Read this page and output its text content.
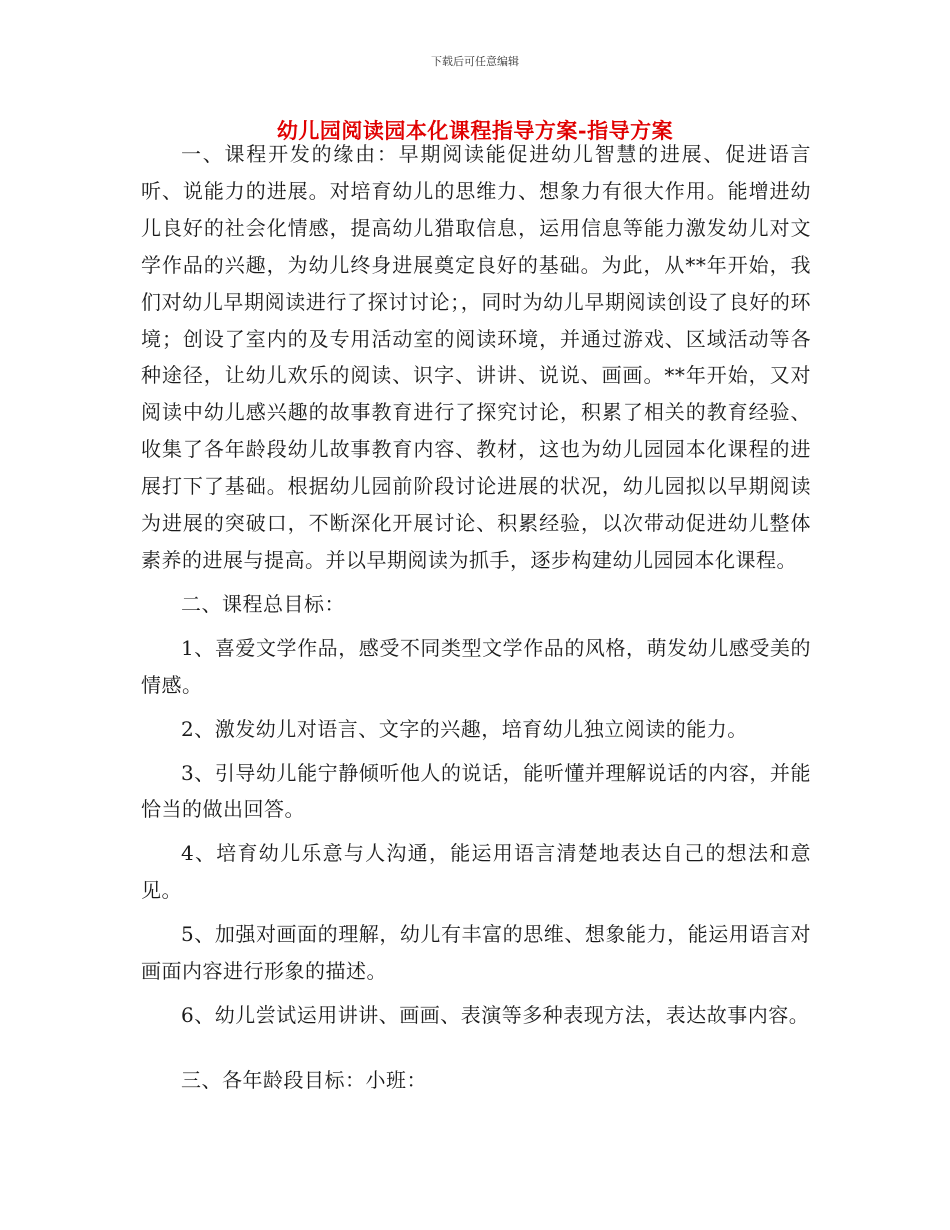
下载后可任意编辑
幼儿园阅读园本化课程指导方案-指导方案

一、课程开发的缘由：早期阅读能促进幼儿智慧的进展、促进语言听、说能力的进展。对培育幼儿的思维力、想象力有很大作用。能增进幼儿良好的社会化情感，提高幼儿猎取信息，运用信息等能力激发幼儿对文学作品的兴趣，为幼儿终身进展奠定良好的基础。为此，从**年开始，我们对幼儿早期阅读进行了探讨讨论；，同时为幼儿早期阅读创设了良好的环境；创设了室内的及专用活动室的阅读环境，并通过游戏、区域活动等各种途径，让幼儿欢乐的阅读、识字、讲讲、说说、画画。**年开始，又对阅读中幼儿感兴趣的故事教育进行了探究讨论，积累了相关的教育经验、收集了各年龄段幼儿故事教育内容、教材，这也为幼儿园园本化课程的进展打下了基础。根据幼儿园前阶段讨论进展的状况，幼儿园拟以早期阅读为进展的突破口，不断深化开展讨论、积累经验，以次带动促进幼儿整体素养的进展与提高。并以早期阅读为抓手，逐步构建幼儿园园本化课程。

二、课程总目标：

1、喜爱文学作品，感受不同类型文学作品的风格，萌发幼儿感受美的情感。

2、激发幼儿对语言、文字的兴趣，培育幼儿独立阅读的能力。

3、引导幼儿能宁静倾听他人的说话，能听懂并理解说话的内容，并能恰当的做出回答。

4、培育幼儿乐意与人沟通，能运用语言清楚地表达自己的想法和意见。

5、加强对画面的理解，幼儿有丰富的思维、想象能力，能运用语言对画面内容进行形象的描述。

6、幼儿尝试运用讲讲、画画、表演等多种表现方法，表达故事内容。

三、各年龄段目标：小班：
